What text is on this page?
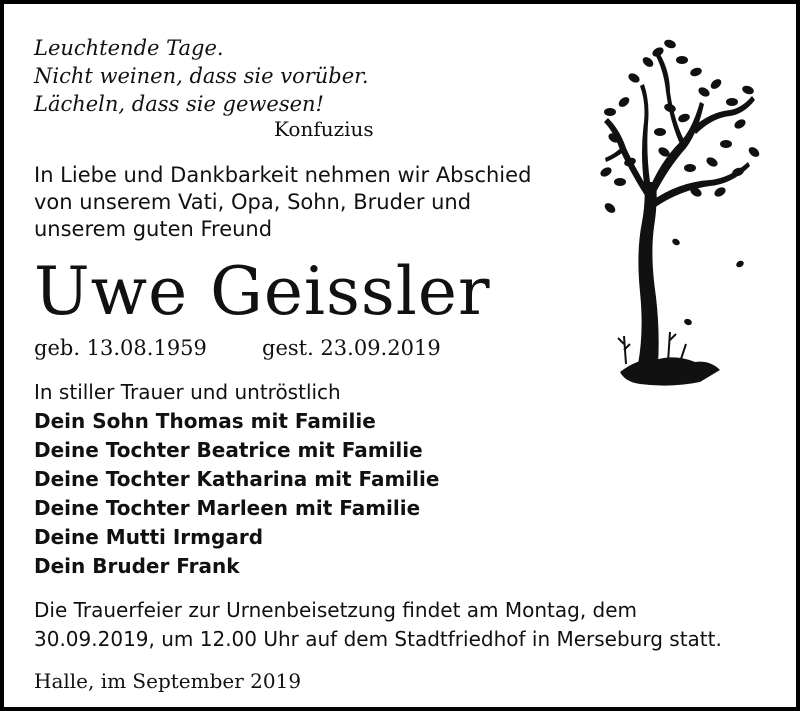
Leuchtende Tage.
Nicht weinen, dass sie vorüber.
Lächeln, dass sie gewesen!
Konfuzius
In Liebe und Dankbarkeit nehmen wir Abschied
von unserem Vati, Opa, Sohn, Bruder und
unserem guten Freund
Uwe Geissler
geb. 13.08.1959	gest. 23.09.2019
In stiller Trauer und untröstlich
Dein Sohn Thomas mit Familie
Deine Tochter Beatrice mit Familie
Deine Tochter Katharina mit Familie
Deine Tochter Marleen mit Familie
Deine Mutti Irmgard
Dein Bruder Frank
Die Trauerfeier zur Urnenbeisetzung findet am Montag, dem
30.09.2019, um 12.00 Uhr auf dem Stadtfriedhof in Merseburg statt.
Halle, im September 2019
